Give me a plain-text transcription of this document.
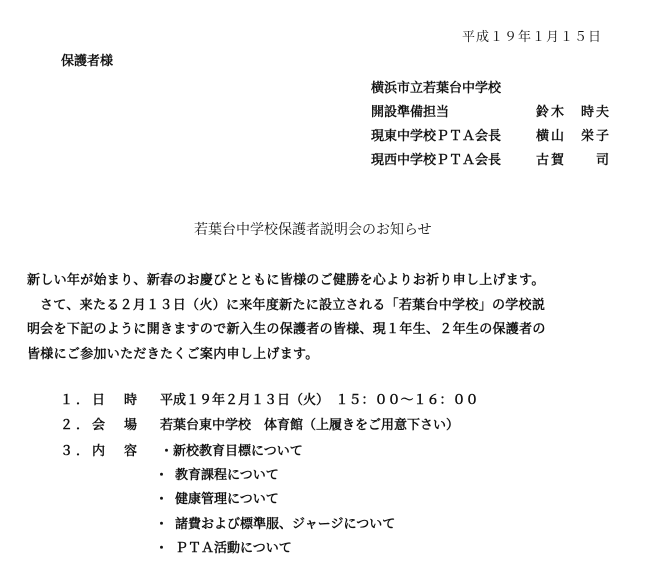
平成１９年１月１５日
保護者様
横浜市立若葉台中学校
開設準備担当	鈴木　時夫
現東中学校ＰＴＡ会長	横山　栄子
現西中学校ＰＴＡ会長	古賀　　司
若葉台中学校保護者説明会のお知らせ
新しい年が始まり、新春のお慶びとともに皆様のご健勝を心よりお祈り申し上げます。
さて、来たる２月１３日（火）に来年度新たに設立される「若葉台中学校」の学校説
明会を下記のように開きますので新入生の保護者の皆様、現１年生、２年生の保護者の
皆様にご参加いただきたくご案内申し上げます。
１．日　時 平成１９年２月１３日（火）　１５：００～１６：００
２．会　場 若葉台東中学校　体育館（上履きをご用意下さい）
３．内　容 ・新校教育目標について
・ 教育課程について
・ 健康管理について
・ 諸費および標準服、ジャージについて
・ ＰＴＡ活動について
